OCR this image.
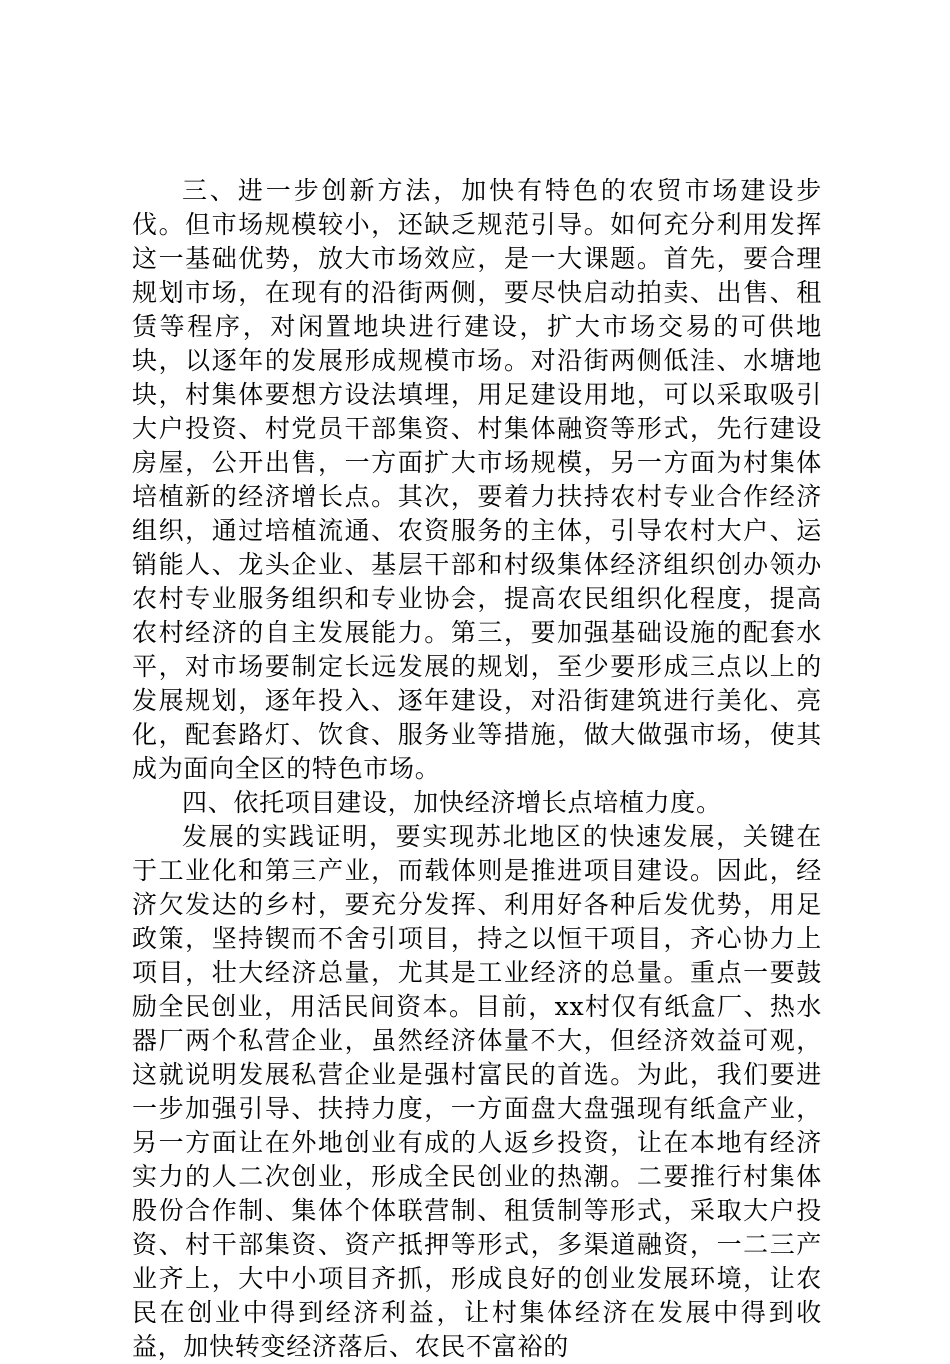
三、进一步创新方法，加快有特色的农贸市场建设步伐。但市场规模较小，还缺乏规范引导。如何充分利用发挥这一基础优势，放大市场效应，是一大课题。首先，要合理规划市场，在现有的沿街两侧，要尽快启动拍卖、出售、租赁等程序，对闲置地块进行建设，扩大市场交易的可供地块，以逐年的发展形成规模市场。对沿街两侧低洼、水塘地块，村集体要想方设法填埋，用足建设用地，可以采取吸引大户投资、村党员干部集资、村集体融资等形式，先行建设房屋，公开出售，一方面扩大市场规模，另一方面为村集体培植新的经济增长点。其次，要着力扶持农村专业合作经济组织，通过培植流通、农资服务的主体，引导农村大户、运销能人、龙头企业、基层干部和村级集体经济组织创办领办农村专业服务组织和专业协会，提高农民组织化程度，提高农村经济的自主发展能力。第三，要加强基础设施的配套水平，对市场要制定长远发展的规划，至少要形成三点以上的发展规划，逐年投入、逐年建设，对沿街建筑进行美化、亮化，配套路灯、饮食、服务业等措施，做大做强市场，使其成为面向全区的特色市场。

四、依托项目建设，加快经济增长点培植力度。

发展的实践证明，要实现苏北地区的快速发展，关键在于工业化和第三产业，而载体则是推进项目建设。因此，经济欠发达的乡村，要充分发挥、利用好各种后发优势，用足政策，坚持锲而不舍引项目，持之以恒干项目，齐心协力上项目，壮大经济总量，尤其是工业经济的总量。重点一要鼓励全民创业，用活民间资本。目前，xx村仅有纸盒厂、热水器厂两个私营企业，虽然经济体量不大，但经济效益可观，这就说明发展私营企业是强村富民的首选。为此，我们要进一步加强引导、扶持力度，一方面盘大盘强现有纸盒产业，另一方面让在外地创业有成的人返乡投资，让在本地有经济实力的人二次创业，形成全民创业的热潮。二要推行村集体股份合作制、集体个体联营制、租赁制等形式，采取大户投资、村干部集资、资产抵押等形式，多渠道融资，一二三产业齐上，大中小项目齐抓，形成良好的创业发展环境，让农民在创业中得到经济利益，让村集体经济在发展中得到收益，加快转变经济落后、农民不富裕的
